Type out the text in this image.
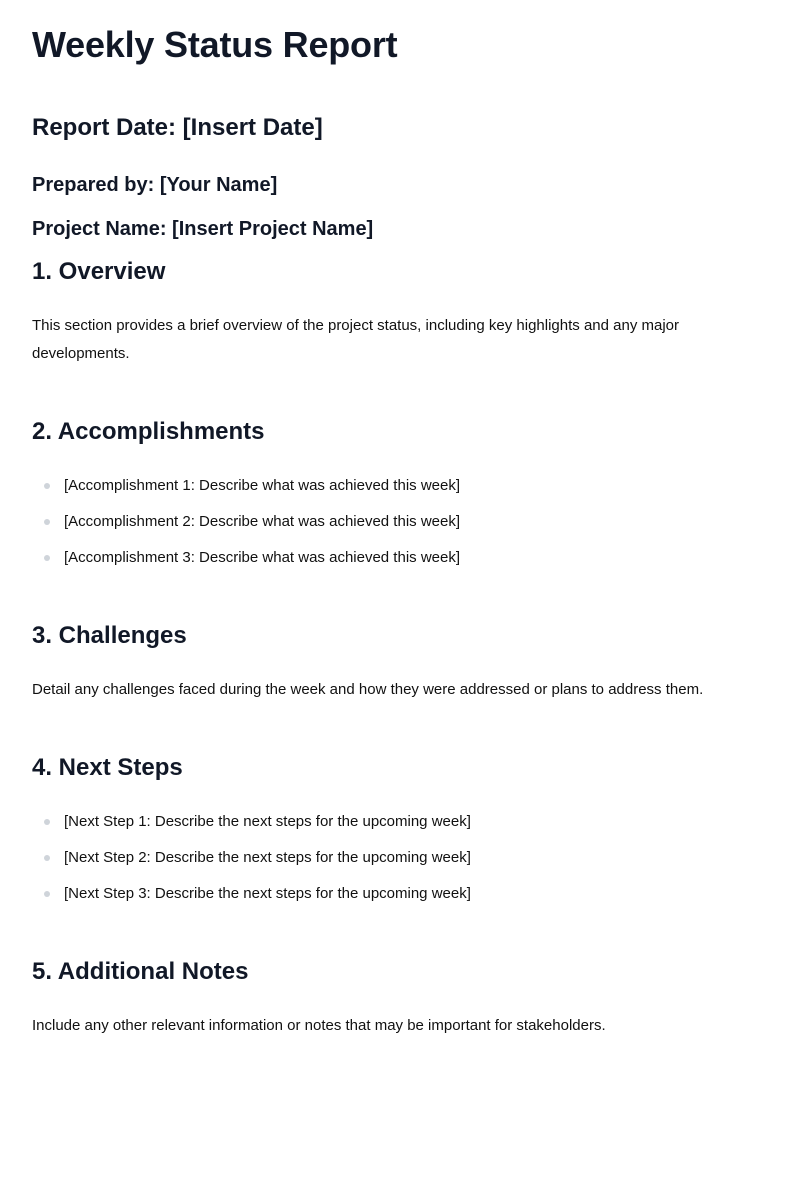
Weekly Status Report
Report Date: [Insert Date]
Prepared by: [Your Name]
Project Name: [Insert Project Name]
1. Overview

This section provides a brief overview of the project status, including key highlights and any major developments.

2. Accomplishments
[Accomplishment 1: Describe what was achieved this week]
[Accomplishment 2: Describe what was achieved this week]
[Accomplishment 3: Describe what was achieved this week]
3. Challenges

Detail any challenges faced during the week and how they were addressed or plans to address them.

4. Next Steps
[Next Step 1: Describe the next steps for the upcoming week]
[Next Step 2: Describe the next steps for the upcoming week]
[Next Step 3: Describe the next steps for the upcoming week]
5. Additional Notes

Include any other relevant information or notes that may be important for stakeholders.
